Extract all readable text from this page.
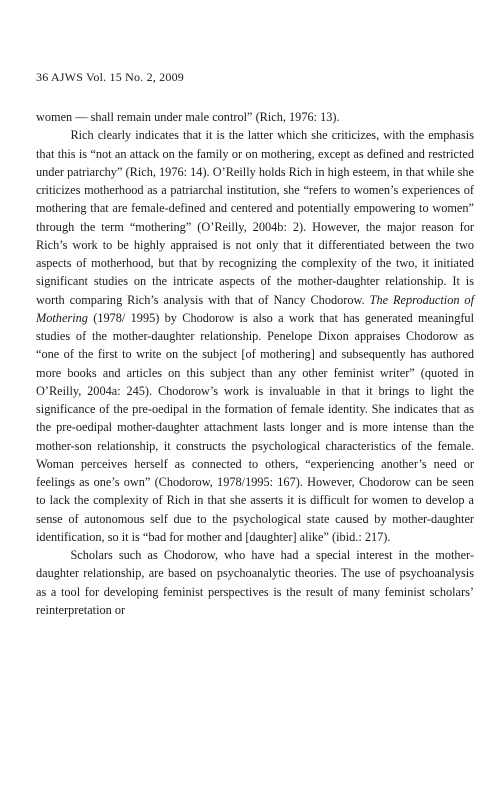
36 AJWS Vol. 15 No. 2, 2009

women — shall remain under male control” (Rich, 1976: 13).

Rich clearly indicates that it is the latter which she criticizes, with the emphasis that this is “not an attack on the family or on mothering, except as defined and restricted under patriarchy” (Rich, 1976: 14). O’Reilly holds Rich in high esteem, in that while she criticizes motherhood as a patriarchal institution, she “refers to women’s experiences of mothering that are female-defined and centered and potentially empowering to women” through the term “mothering” (O’Reilly, 2004b: 2). However, the major reason for Rich’s work to be highly appraised is not only that it differentiated between the two aspects of motherhood, but that by recognizing the complexity of the two, it initiated significant studies on the intricate aspects of the mother-daughter relationship. It is worth comparing Rich’s analysis with that of Nancy Chodorow. The Reproduction of Mothering (1978/ 1995) by Chodorow is also a work that has generated meaningful studies of the mother-daughter relationship. Penelope Dixon appraises Chodorow as “one of the first to write on the subject [of mothering] and subsequently has authored more books and articles on this subject than any other feminist writer” (quoted in O’Reilly, 2004a: 245). Chodorow’s work is invaluable in that it brings to light the significance of the pre-oedipal in the formation of female identity. She indicates that as the pre-oedipal mother-daughter attachment lasts longer and is more intense than the mother-son relationship, it constructs the psychological characteristics of the female. Woman perceives herself as connected to others, “experiencing another’s need or feelings as one’s own” (Chodorow, 1978/1995: 167). However, Chodorow can be seen to lack the complexity of Rich in that she asserts it is difficult for women to develop a sense of autonomous self due to the psychological state caused by mother-daughter identification, so it is “bad for mother and [daughter] alike” (ibid.: 217).

Scholars such as Chodorow, who have had a special interest in the mother-daughter relationship, are based on psychoanalytic theories. The use of psychoanalysis as a tool for developing feminist perspectives is the result of many feminist scholars’ reinterpretation or
